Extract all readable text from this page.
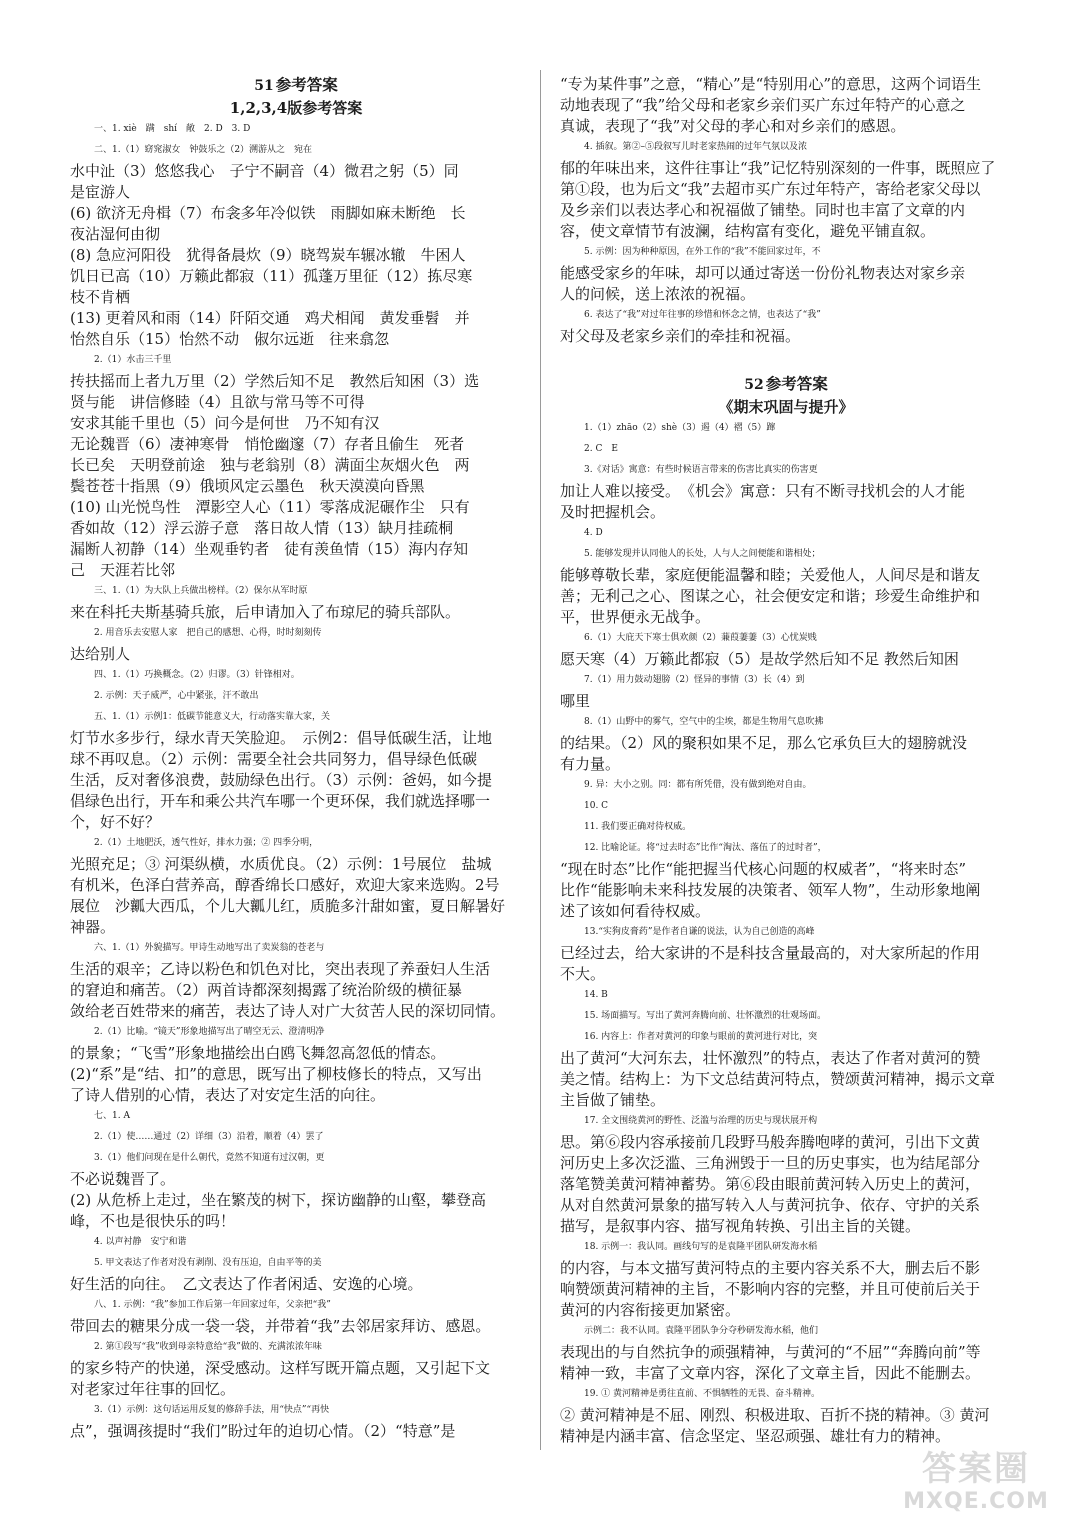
51 参考答案

1,2,3,4版参考答案

一、1. xiè　蹒　shí　敞　2. D　3. D

二、1.（1）窈窕淑女　钟鼓乐之（2）溯游从之　宛在

水中沚（3）悠悠我心　子宁不嗣音（4）微君之躬（5）同

是宦游人

(6) 欲济无舟楫（7）布衾多年冷似铁　雨脚如麻未断绝　长

夜沾湿何由彻

(8) 急应河阳役　犹得备晨炊（9）晓驾炭车辗冰辙　牛困人

饥日已高（10）万籁此都寂（11）孤蓬万里征（12）拣尽寒

枝不肯栖

(13) 更着风和雨（14）阡陌交通　鸡犬相闻　黄发垂髫　并

怡然自乐（15）怡然不动　俶尔远逝　往来翕忽

2.（1）水击三千里

抟扶摇而上者九万里（2）学然后知不足　教然后知困（3）选

贤与能　讲信修睦（4）且欲与常马等不可得

安求其能千里也（5）问今是何世　乃不知有汉

无论魏晋（6）凄神寒骨　悄怆幽邃（7）存者且偷生　死者

长已矣　天明登前途　独与老翁别（8）满面尘灰烟火色　两

鬓苍苍十指黑（9）俄顷风定云墨色　秋天漠漠向昏黑

(10) 山光悦鸟性　潭影空人心（11）零落成泥碾作尘　只有

香如故（12）浮云游子意　落日故人情（13）缺月挂疏桐

漏断人初静（14）坐观垂钓者　徒有羡鱼情（15）海内存知

己　天涯若比邻

三、1.（1）为大队上兵做出榜样。（2）保尔从军时原

来在科托夫斯基骑兵旅，后申请加入了布琼尼的骑兵部队。

2. 用音乐去安慰人家　把自己的感想、心得，时时刻刻传

达给别人

四、1.（1）巧换概念。（2）归谬。（3）针锋相对。

2. 示例：天子威严，心中紧张，汗不敢出

五、1.（1）示例1：低碳节能意义大，行动落实靠大家，关

灯节水多步行，绿水青天笑脸迎。　示例2：倡导低碳生活，让地

球不再叹息。（2）示例：需要全社会共同努力，倡导绿色低碳

生活，反对奢侈浪费，鼓励绿色出行。（3）示例：爸妈，如今提

倡绿色出行，开车和乘公共汽车哪一个更环保，我们就选择哪一

个，好不好？

2.（1）土地肥沃，透气性好，排水力强；② 四季分明，

光照充足；③ 河渠纵横，水质优良。（2）示例：1号展位　盐城

有机米，色泽白营养高，醇香绵长口感好，欢迎大家来选购。2号

展位　沙瓤大西瓜，个儿大瓤儿红，质脆多汁甜如蜜，夏日解暑好

神器。

六、1.（1）外貌描写。甲诗生动地写出了卖炭翁的苍老与

生活的艰辛；乙诗以粉色和饥色对比，突出表现了养蚕妇人生活

的窘迫和痛苦。（2）两首诗都深刻揭露了统治阶级的横征暴

敛给老百姓带来的痛苦，表达了诗人对广大贫苦人民的深切同情。

2.（1）比喻。“镜天”形象地描写出了晴空无云、澄清明净

的景象；“飞雪”形象地描绘出白鸥飞舞忽高忽低的情态。

(2)“系”是“结、扣”的意思，既写出了柳枝修长的特点，又写出

了诗人借别的心情，表达了对安定生活的向往。

七、1. A

2.（1）使……通过（2）详细（3）沿着，顺着（4）罢了

3.（1）他们问现在是什么朝代，竟然不知道有过汉朝，更

不必说魏晋了。

(2) 从危桥上走过，坐在繁茂的树下，探访幽静的山壑，攀登高

峰，不也是很快乐的吗！

4. 以声衬静　安宁和谐

5. 甲文表达了作者对没有剥削、没有压迫，自由平等的美

好生活的向往。　乙文表达了作者闲适、安逸的心境。

八、1. 示例：“我”参加工作后第一年回家过年，父亲把“我”

带回去的糖果分成一袋一袋，并带着“我”去邻居家拜访、感恩。

2. 第①段写“我”收到母亲特意给“我”做的、充满浓浓年味

的家乡特产的快递，深受感动。这样写既开篇点题，又引起下文

对老家过年往事的回忆。

3.（1）示例：这句话运用反复的修辞手法，用“快点”“再快

点”，强调孩提时“我们”盼过年的迫切心情。（2）“特意”是

“专为某件事”之意，“精心”是“特别用心”的意思，这两个词语生

动地表现了“我”给父母和老家乡亲们买广东过年特产的心意之

真诚，表现了“我”对父母的孝心和对乡亲们的感恩。

4. 插叙。第②–⑤段叙写儿时老家热闹的过年气氛以及浓

郁的年味出来，这件往事让“我”记忆特别深刻的一件事，既照应了

第①段，也为后文“我”去超市买广东过年特产，寄给老家父母以

及乡亲们以表达孝心和祝福做了铺垫。同时也丰富了文章的内

容，使文章情节有波澜，结构富有变化，避免平铺直叙。

5. 示例：因为种种原因，在外工作的“我”不能回家过年，不

能感受家乡的年味，却可以通过寄送一份份礼物表达对家乡亲

人的问候，送上浓浓的祝福。

6. 表达了“我”对过年往事的珍惜和怀念之情，也表达了“我”

对父母及老家乡亲们的牵挂和祝福。

52 参考答案

《期末巩固与提升》

1.（1）zhāo（2）shè（3）遏（4）褶（5）蹿

2. C　E

3.《对话》寓意：有些时候语言带来的伤害比真实的伤害更

加让人难以接受。　《机会》寓意：只有不断寻找机会的人才能

及时把握机会。

4. D

5. 能够发现并认同他人的长处，人与人之间便能和谐相处；

能够尊敬长辈，家庭便能温馨和睦；关爱他人，人间尽是和谐友

善；无利己之心、图谋之心，社会便安定和谐；珍爱生命维护和

平，世界便永无战争。

6.（1）大庇天下寒士俱欢颜（2）蒹葭萋萋（3）心忧炭贱

愿天寒（4）万籁此都寂（5）是故学然后知不足 教然后知困

7.（1）用力鼓动翅膀（2）怪异的事情（3）长（4）到

哪里

8.（1）山野中的雾气，空气中的尘埃，都是生物用气息吹拂

的结果。（2）风的聚积如果不足，那么它承负巨大的翅膀就没

有力量。

9. 异：大小之别。同：都有所凭借，没有做到绝对自由。

10. C

11. 我们要正确对待权威。

12. 比喻论证。将“过去时态”比作“淘汰、落伍了的过时者”，

“现在时态”比作“能把握当代核心问题的权威者”，“将来时态”

比作“能影响未来科技发展的决策者、领军人物”，生动形象地阐

述了该如何看待权威。

13.“实狗皮膏药”是作者自谦的说法，认为自己创造的高峰

已经过去，给大家讲的不是科技含量最高的，对大家所起的作用

不大。

14. B

15. 场面描写。写出了黄河奔腾向前、壮怀激烈的壮观场面。

16. 内容上：作者对黄河的印象与眼前的黄河进行对比，突

出了黄河“大河东去，壮怀激烈”的特点，表达了作者对黄河的赞

美之情。结构上：为下文总结黄河特点，赞颂黄河精神，揭示文章

主旨做了铺垫。

17. 全文围绕黄河的野性、泛滥与治理的历史与现状展开构

思。第⑥段内容承接前几段野马般奔腾咆哮的黄河，引出下文黄

河历史上多次泛滥、三角洲毁于一旦的历史事实，也为结尾部分

落笔赞美黄河精神蓄势。第⑥段由眼前黄河转入历史上的黄河，

从对自然黄河景象的描写转入人与黄河抗争、依存、守护的关系

描写，是叙事内容、描写视角转换、引出主旨的关键。

18. 示例一：我认同。画线句写的是袁隆平团队研发海水稻

的内容，与本文描写黄河特点的主要内容关系不大，删去后不影

响赞颂黄河精神的主旨，不影响内容的完整，并且可使前后关于

黄河的内容衔接更加紧密。

示例二：我不认同。袁隆平团队争分夺秒研发海水稻，他们

表现出的与自然抗争的顽强精神，与黄河的“不屈”“奔腾向前”等

精神一致，丰富了文章内容，深化了文章主旨，因此不能删去。

19. ① 黄河精神是勇往直前、不惧牺牲的无畏、奋斗精神。

② 黄河精神是不屈、刚烈、积极进取、百折不挠的精神。③ 黄河

精神是内涵丰富、信念坚定、坚忍顽强、雄壮有力的精神。

答案圈
MXQE.COM
